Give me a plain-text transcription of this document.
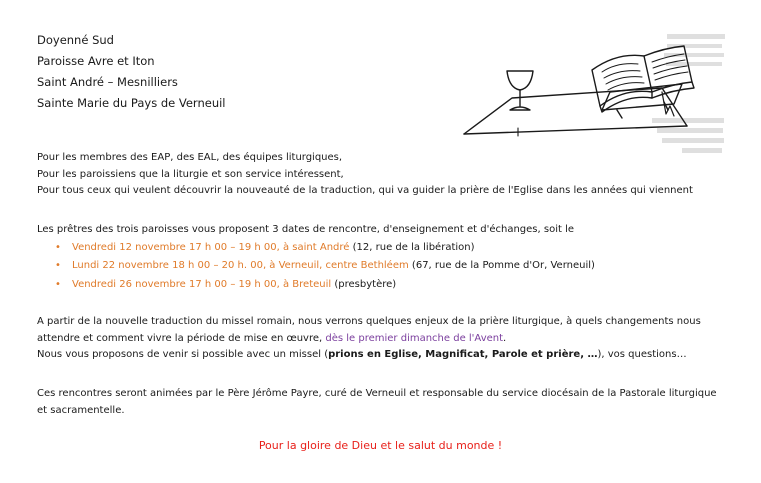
Doyenné Sud
Paroisse Avre et Iton
Saint André – Mesnilliers
Sainte Marie du Pays de Verneuil
Pour les membres des EAP, des EAL, des équipes liturgiques,
Pour les paroissiens que la liturgie et son service intéressent,
Pour tous ceux qui veulent découvrir la nouveauté de la traduction, qui va guider la prière de l'Eglise dans les années qui viennent
Les prêtres des trois paroisses vous proposent 3 dates de rencontre, d'enseignement et d'échanges, soit le
• Vendredi 12 novembre 17 h 00 – 19 h 00, à saint André (12, rue de la libération)
• Lundi 22 novembre 18 h 00 – 20 h. 00, à Verneuil, centre Bethléem (67, rue de la Pomme d'Or, Verneuil)
• Vendredi 26 novembre 17 h 00 – 19 h 00, à Breteuil (presbytère)
A partir de la nouvelle traduction du missel romain, nous verrons quelques enjeux de la prière liturgique, à quels changements nous
attendre et comment vivre la période de mise en œuvre, dès le premier dimanche de l'Avent.
Nous vous proposons de venir si possible avec un missel (prions en Eglise, Magnificat, Parole et prière, …), vos questions…
Ces rencontres seront animées par le Père Jérôme Payre, curé de Verneuil et responsable du service diocésain de la Pastorale liturgique
et sacramentelle.
Pour la gloire de Dieu et le salut du monde !
